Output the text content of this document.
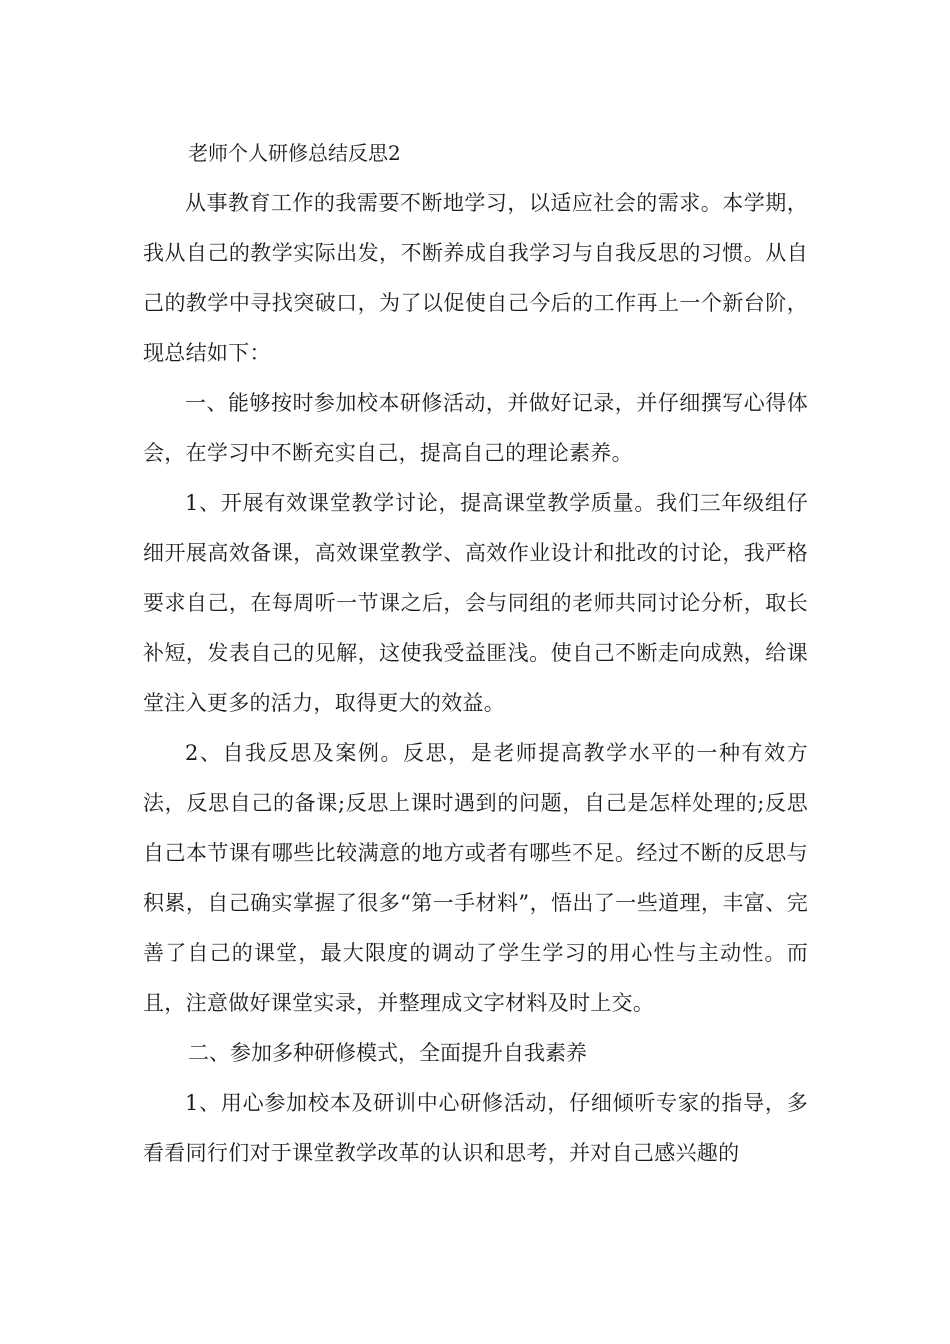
老师个人研修总结反思2

从事教育工作的我需要不断地学习，以适应社会的需求。本学期，我从自己的教学实际出发，不断养成自我学习与自我反思的习惯。从自己的教学中寻找突破口，为了以促使自己今后的工作再上一个新台阶，现总结如下：

一、能够按时参加校本研修活动，并做好记录，并仔细撰写心得体会，在学习中不断充实自己，提高自己的理论素养。

1、开展有效课堂教学讨论，提高课堂教学质量。我们三年级组仔细开展高效备课，高效课堂教学、高效作业设计和批改的讨论，我严格要求自己，在每周听一节课之后，会与同组的老师共同讨论分析，取长补短，发表自己的见解，这使我受益匪浅。使自己不断走向成熟，给课堂注入更多的活力，取得更大的效益。

2、自我反思及案例。反思，是老师提高教学水平的一种有效方法，反思自己的备课;反思上课时遇到的问题，自己是怎样处理的;反思自己本节课有哪些比较满意的地方或者有哪些不足。经过不断的反思与积累，自己确实掌握了很多“第一手材料”，悟出了一些道理，丰富、完善了自己的课堂，最大限度的调动了学生学习的用心性与主动性。而且，注意做好课堂实录，并整理成文字材料及时上交。

二、参加多种研修模式，全面提升自我素养

1、用心参加校本及研训中心研修活动，仔细倾听专家的指导，多看看同行们对于课堂教学改革的认识和思考，并对自己感兴趣的
